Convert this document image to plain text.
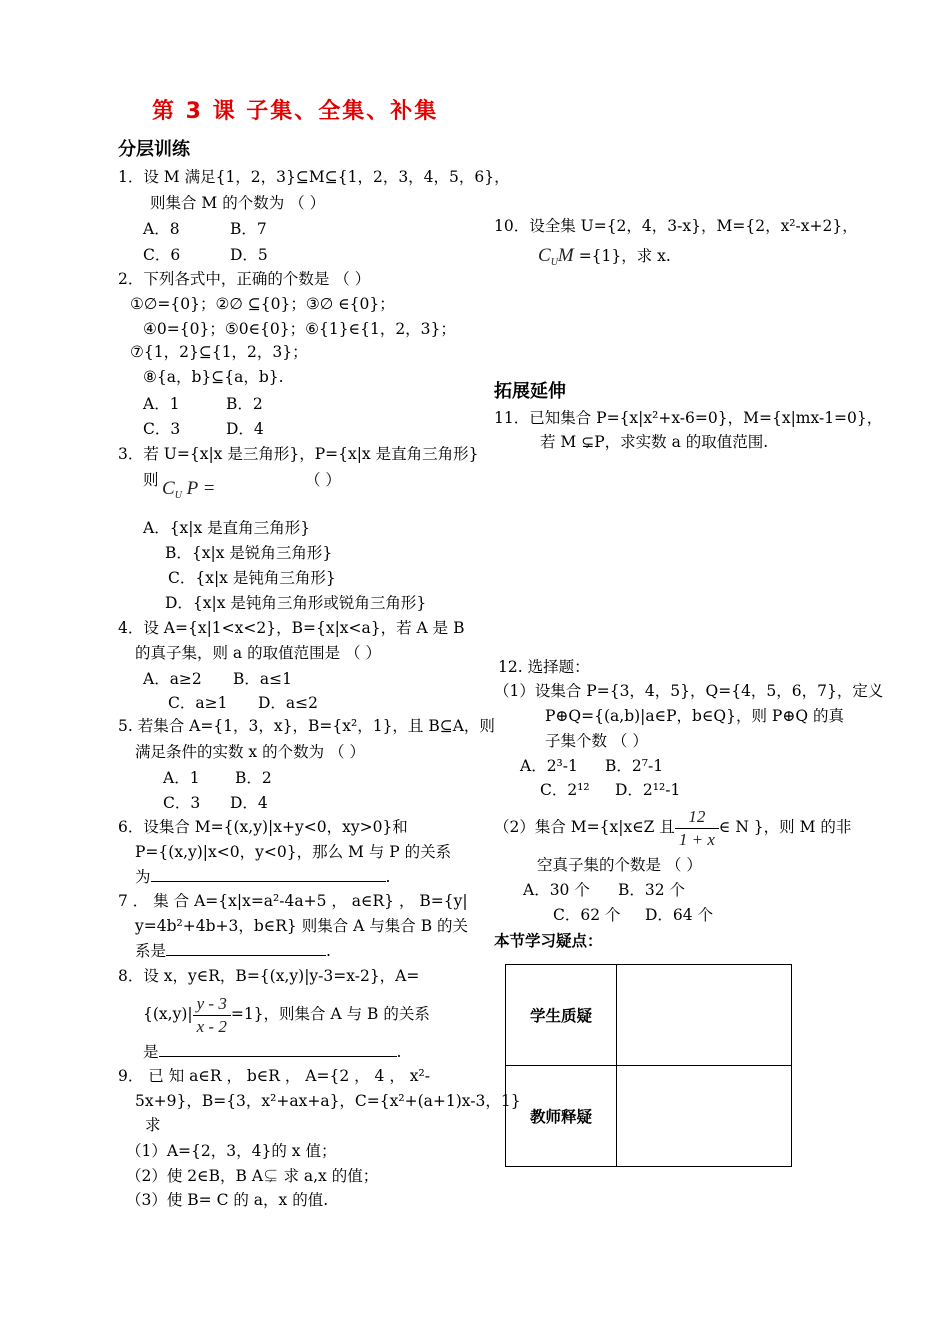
第 3 课 子集、全集、补集
分层训练
1．设 M 满足{1，2，3}⊆M⊆{1，2，3，4，5，6}，
则集合 M 的个数为 （ ）
A．8	B．7
C．6	D．5
2．下列各式中，正确的个数是 （ ）
①∅={0}；②∅ ⊆{0}；③∅ ∈{0}；
④0={0}；⑤0∈{0}；⑥{1}∈{1，2，3}；
⑦{1，2}⊆{1，2，3}；
⑧{a，b}⊆{a，b}.
A．1	B．2
C．3	D．4
3．若 U={x|x 是三角形}，P={x|x 是直角三角形}
则 $C_U$ P =	（ ）
A．{x|x 是直角三角形}
B．{x|x 是锐角三角形}
C．{x|x 是钝角三角形}
D．{x|x 是钝角三角形或锐角三角形}
4．设 A={x|1<x<2}，B={x|x<a}，若 A 是 B
的真子集，则 a 的取值范围是 （ ）
A．a≥2 B．a≤1
C．a≥1 D．a≤2
5. 若集合 A={1，3，x}，B={x²，1}，且 B⊆A，则
满足条件的实数 x 的个数为 （ ）
A．1 B．2
C．3 D．4
6．设集合 M={(x,y)|x+y<0，xy>0}和
P={(x,y)|x<0，y<0}，那么 M 与 P 的关系
为	.
7 ． 集 合 A={x|x=a²-4a+5 ， a∈R} ， B={y|
y=4b²+4b+3，b∈R} 则集合 A 与集合 B 的关
系是	.
8．设 x，y∈R，B={(x,y)|y-3=x-2}，A=
$\{(x,y)| \frac{y - 3}{x - 2} =1\}$，则集合 A 与 B 的关系
是	.
9． 已 知 a∈R ， b∈R ， A={2 ， 4 ， x²-
5x+9}，B={3，x²+ax+a}，C={x²+(a+1)x-3，1}
求
（1）A={2，3，4}的 x 值；
（2）使 2∈B，B A⊊ 求 a,x 的值；
（3）使 B= C 的 a，x 的值.
10．设全集 U={2，4，3-x}，M={2，x²-x+2}，
$C_UM =\{1\}$，求 x.
拓展延伸
11．已知集合 P={x|x²+x-6=0}，M={x|mx-1=0}，
若 M ⊊P，求实数 a 的取值范围.
12. 选择题：
（1）设集合 P={3，4，5}，Q={4，5，6，7}，定义
P⊕Q={(a,b)|a∈P，b∈Q}，则 P⊕Q 的真
子集个数 （ ）
A．2³-1 B．2⁷-1
C．2¹² D．2¹²-1
（2）集合 M={x|x∈Z 且 $\frac{12}{1 + x}$ ∈ N }，则 M 的非
空真子集的个数是 （ ）
A．30 个 B．32 个
C．62 个 D．64 个
本节学习疑点：
学生质疑	
教师释疑	
